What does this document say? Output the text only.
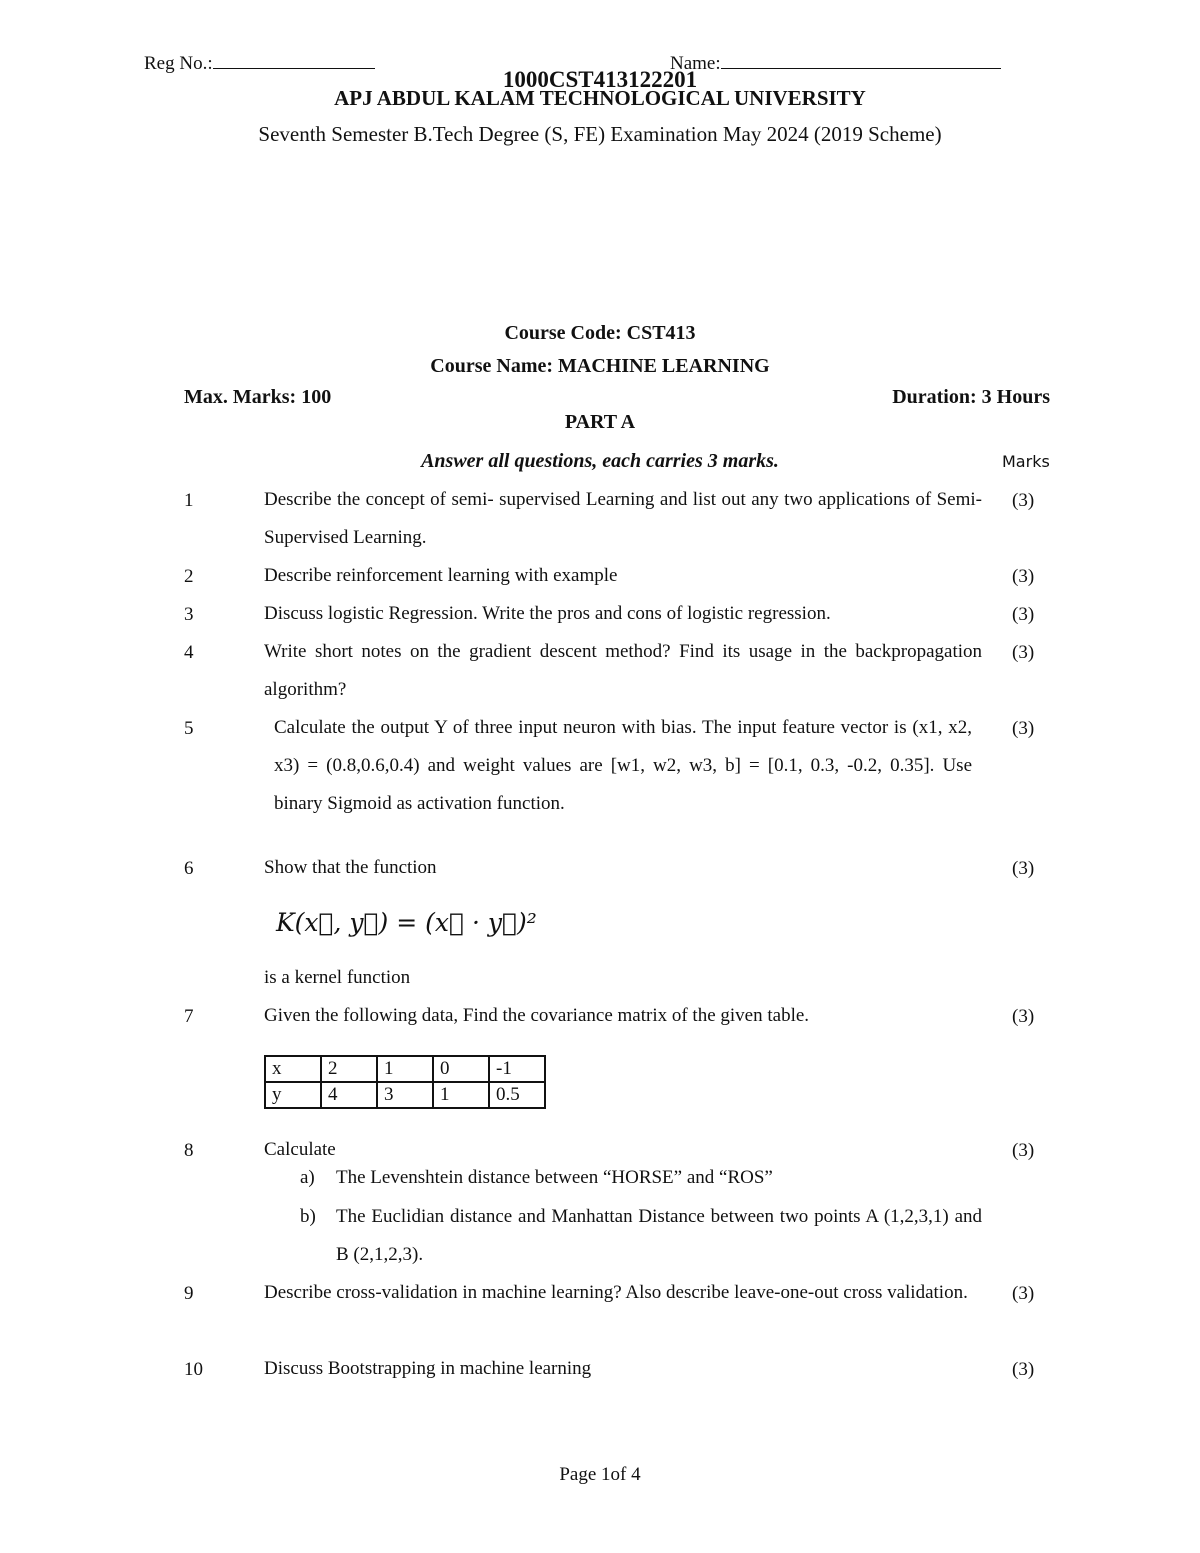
Reg No.:	Name:
1000CST413122201
APJ ABDUL KALAM TECHNOLOGICAL UNIVERSITY
Seventh Semester B.Tech Degree (S, FE) Examination May 2024 (2019 Scheme)
Course Code: CST413
Course Name: MACHINE LEARNING
Max. Marks: 100	Duration: 3 Hours
PART A
Answer all questions, each carries 3 marks.	Marks
1	Describe the concept of semi- supervised Learning and list out any two applications of Semi-Supervised Learning.
(3)
2	Describe reinforcement learning with example	(3)
3	Discuss logistic Regression. Write the pros and cons of logistic regression.	(3)
4	Write short notes on the gradient descent method? Find its usage in the backpropagation algorithm?
(3)
5	Calculate the output Y of three input neuron with bias. The input feature vector is (x1, x2, x3) = (0.8,0.6,0.4) and weight values are [w1, w2, w3, b] = [0.1, 0.3, -0.2, 0.35]. Use binary Sigmoid as activation function.
(3)
6	Show that the function	(3)
K(x⃗, y⃗) = (x⃗ · y⃗)²
is a kernel function
7	Given the following data, Find the covariance matrix of the given table.	(3)
x	2	1	0	-1
y	4	3	1	0.5
8	Calculate	(3)
a) The Levenshtein distance between “HORSE” and “ROS”
b) The Euclidian distance and Manhattan Distance between two points A (1,2,3,1) and B (2,1,2,3).
9	Describe cross-validation in machine learning? Also describe leave-one-out cross validation.	(3)
10	Discuss Bootstrapping in machine learning	(3)
Page 1of 4
